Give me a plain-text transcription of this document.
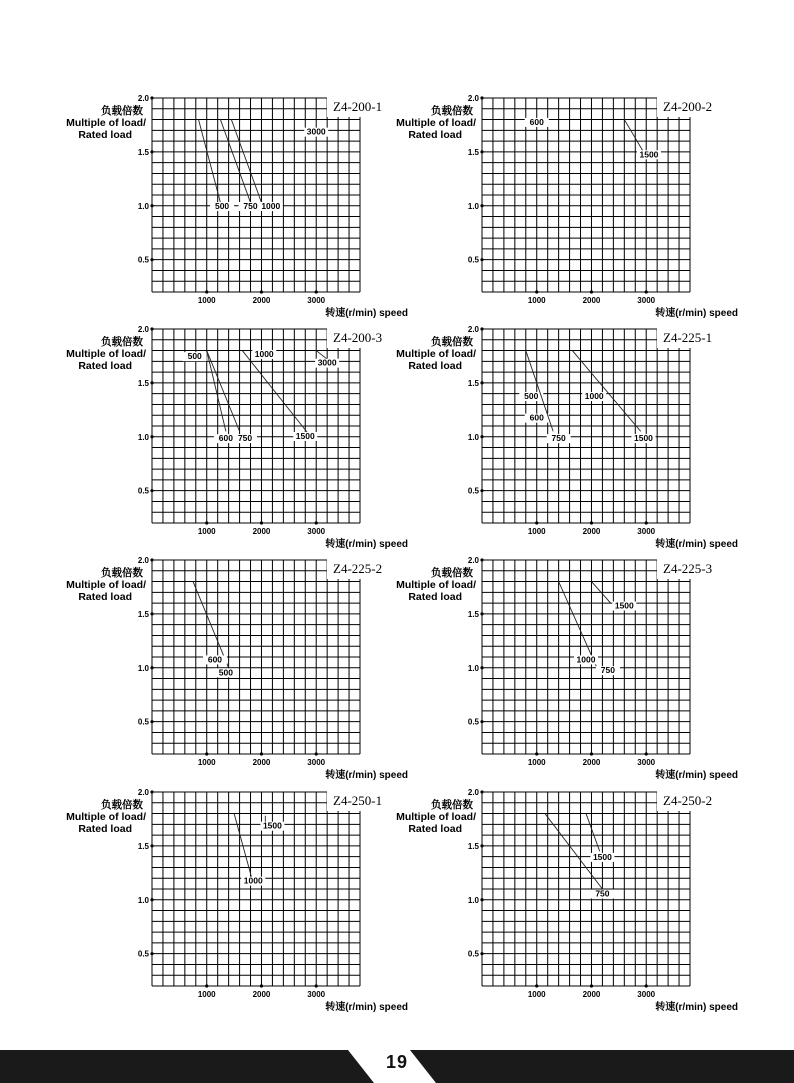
Z4-200-1
负载倍数
Multiple of load/
Rated load
0.5
1.0
1.5
2.0
1000	2000	3000
转速(r/min) speed
500 750 1000
3000
Z4-200-2
负载倍数
Multiple of load/
Rated load
0.5
1.0
1.5
2.0
1000	2000	3000
转速(r/min) speed
600
1500
Z4-200-3
负载倍数
Multiple of load/
Rated load
0.5
1.0
1.5
2.0
1000	2000	3000
转速(r/min) speed
500
600 750
1000
1500
3000
Z4-225-1
负载倍数
Multiple of load/
Rated load
0.5
1.0
1.5
2.0
1000	2000	3000
转速(r/min) speed
500
600
750
1000
1500
Z4-225-2
负载倍数
Multiple of load/
Rated load
0.5
1.0
1.5
2.0
1000	2000	3000
转速(r/min) speed
600
500
Z4-225-3
负载倍数
Multiple of load/
Rated load
0.5
1.0
1.5
2.0
1000	2000	3000
转速(r/min) speed
1500
1000
750
Z4-250-1
负载倍数
Multiple of load/
Rated load
0.5
1.0
1.5
2.0
1000	2000	3000
转速(r/min) speed
1500
1000
Z4-250-2
负载倍数
Multiple of load/
Rated load
0.5
1.0
1.5
2.0
1000	2000	3000
转速(r/min) speed
1500
750
19
